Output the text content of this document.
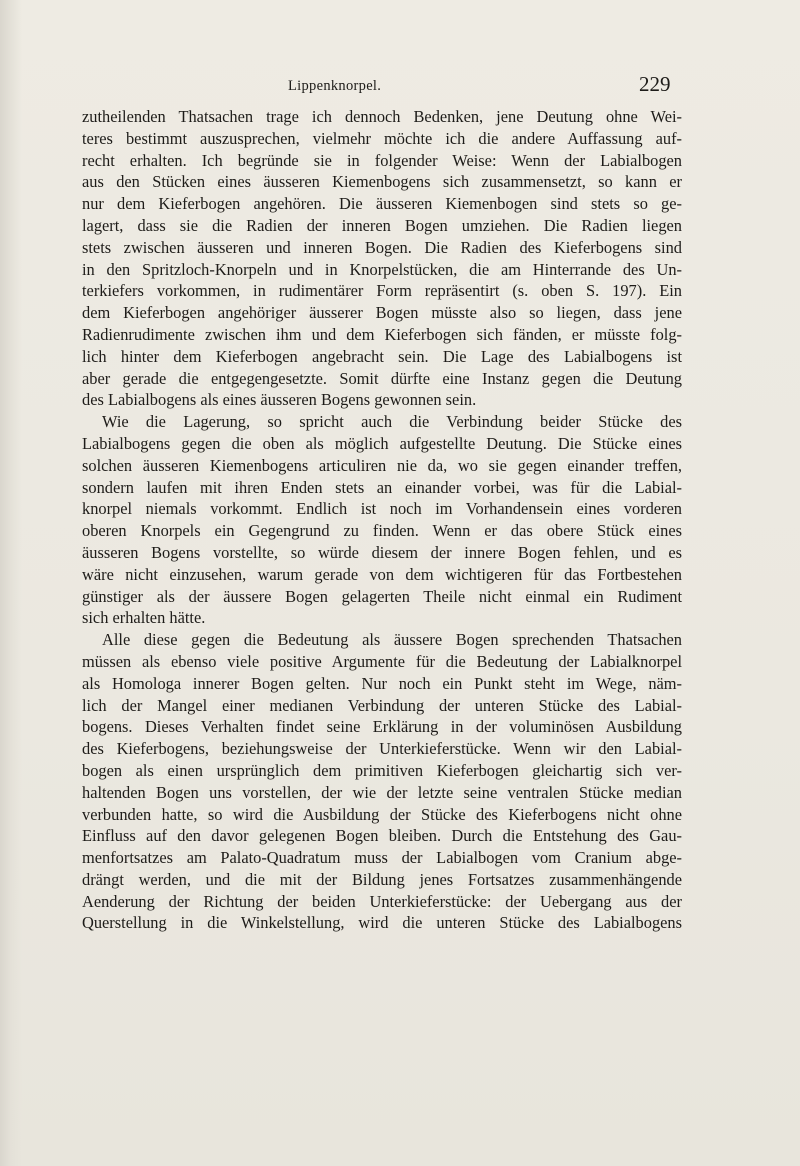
Lippenknorpel.	229
zutheilenden Thatsachen trage ich dennoch Bedenken, jene Deutung ohne Wei-
teres bestimmt auszusprechen, vielmehr möchte ich die andere Auffassung auf-
recht erhalten. Ich begründe sie in folgender Weise: Wenn der Labialbogen
aus den Stücken eines äusseren Kiemenbogens sich zusammensetzt, so kann er
nur dem Kieferbogen angehören. Die äusseren Kiemenbogen sind stets so ge-
lagert, dass sie die Radien der inneren Bogen umziehen. Die Radien liegen
stets zwischen äusseren und inneren Bogen. Die Radien des Kieferbogens sind
in den Spritzloch-Knorpeln und in Knorpelstücken, die am Hinterrande des Un-
terkiefers vorkommen, in rudimentärer Form repräsentirt (s. oben S. 197). Ein
dem Kieferbogen angehöriger äusserer Bogen müsste also so liegen, dass jene
Radienrudimente zwischen ihm und dem Kieferbogen sich fänden, er müsste folg-
lich hinter dem Kieferbogen angebracht sein. Die Lage des Labialbogens ist
aber gerade die entgegengesetzte. Somit dürfte eine Instanz gegen die Deutung
des Labialbogens als eines äusseren Bogens gewonnen sein.
Wie die Lagerung, so spricht auch die Verbindung beider Stücke des
Labialbogens gegen die oben als möglich aufgestellte Deutung. Die Stücke eines
solchen äusseren Kiemenbogens articuliren nie da, wo sie gegen einander treffen,
sondern laufen mit ihren Enden stets an einander vorbei, was für die Labial-
knorpel niemals vorkommt. Endlich ist noch im Vorhandensein eines vorderen
oberen Knorpels ein Gegengrund zu finden. Wenn er das obere Stück eines
äusseren Bogens vorstellte, so würde diesem der innere Bogen fehlen, und es
wäre nicht einzusehen, warum gerade von dem wichtigeren für das Fortbestehen
günstiger als der äussere Bogen gelagerten Theile nicht einmal ein Rudiment
sich erhalten hätte.
Alle diese gegen die Bedeutung als äussere Bogen sprechenden Thatsachen
müssen als ebenso viele positive Argumente für die Bedeutung der Labialknorpel
als Homologa innerer Bogen gelten. Nur noch ein Punkt steht im Wege, näm-
lich der Mangel einer medianen Verbindung der unteren Stücke des Labial-
bogens. Dieses Verhalten findet seine Erklärung in der voluminösen Ausbildung
des Kieferbogens, beziehungsweise der Unterkieferstücke. Wenn wir den Labial-
bogen als einen ursprünglich dem primitiven Kieferbogen gleichartig sich ver-
haltenden Bogen uns vorstellen, der wie der letzte seine ventralen Stücke median
verbunden hatte, so wird die Ausbildung der Stücke des Kieferbogens nicht ohne
Einfluss auf den davor gelegenen Bogen bleiben. Durch die Entstehung des Gau-
menfortsatzes am Palato-Quadratum muss der Labialbogen vom Cranium abge-
drängt werden, und die mit der Bildung jenes Fortsatzes zusammenhängende
Aenderung der Richtung der beiden Unterkieferstücke: der Uebergang aus der
Querstellung in die Winkelstellung, wird die unteren Stücke des Labialbogens
